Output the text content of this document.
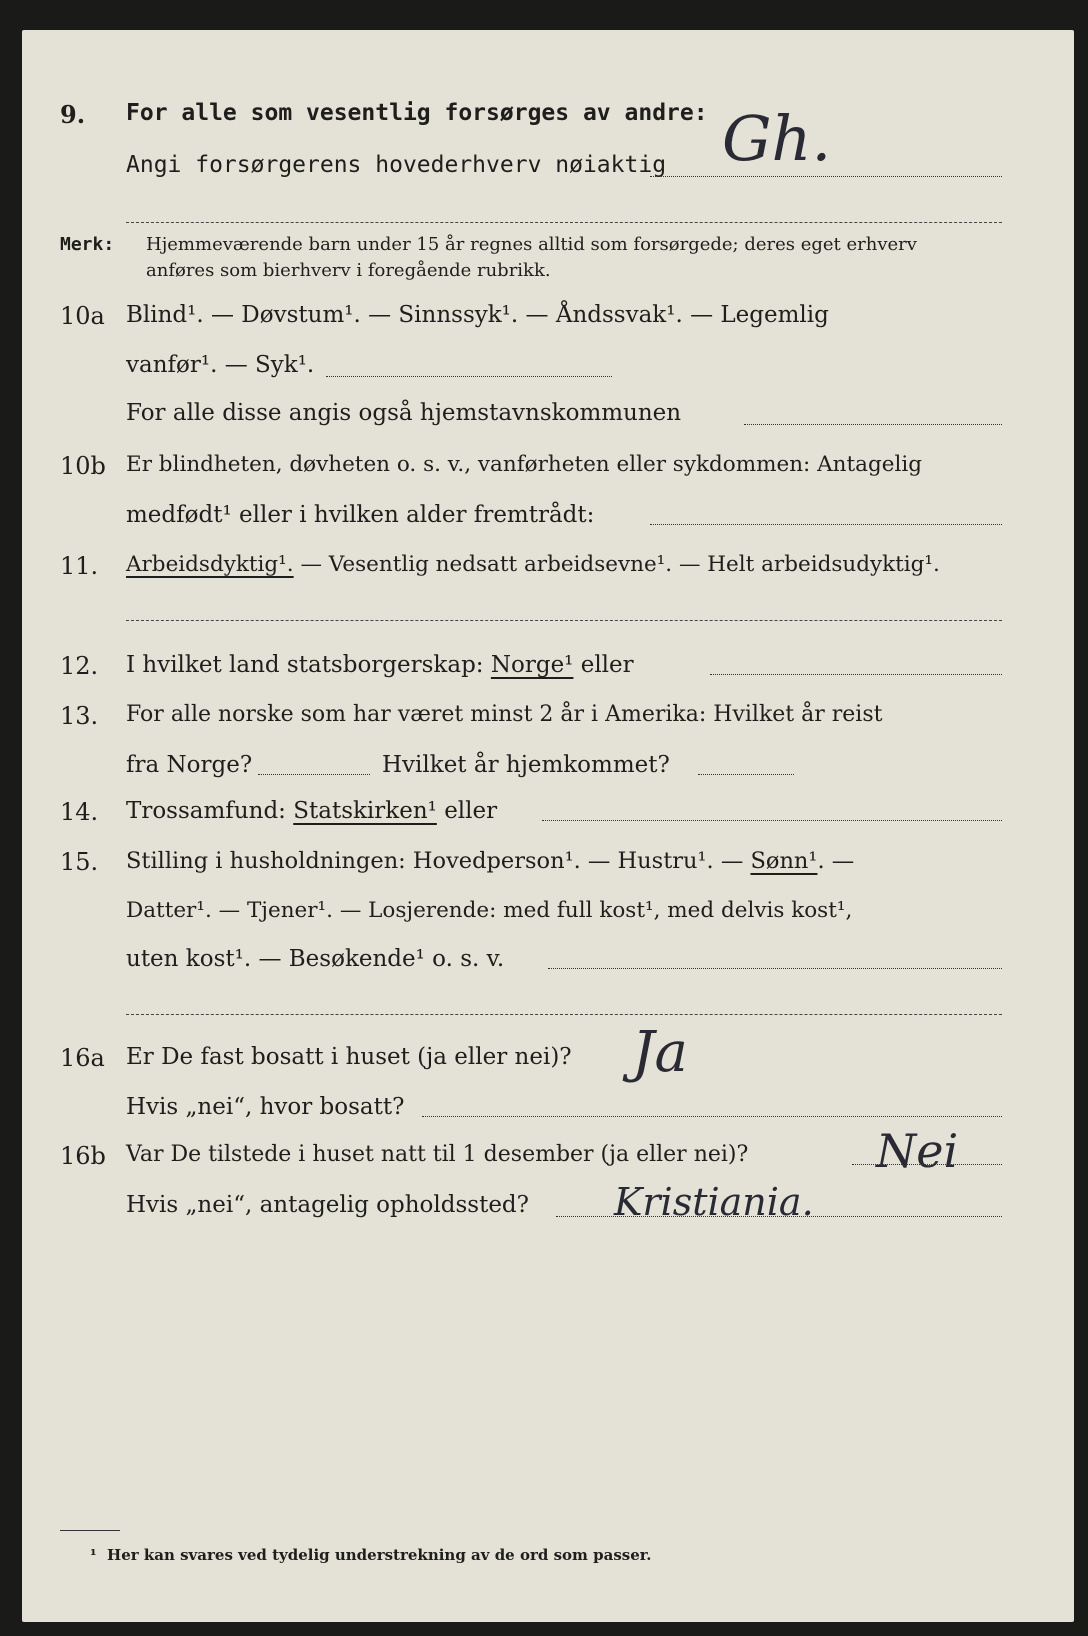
9. For alle som vesentlig forsørges av andre:
Angi forsørgerens hovederhverv nøiaktig Gh.
Merk: Hjemmeværende barn under 15 år regnes alltid som forsørgede; deres eget erhverv
anføres som bierhverv i foregående rubrikk.
10a Blind¹. — Døvstum¹. — Sinnssyk¹. — Åndssvak¹. — Legemlig
vanfør¹. — Syk¹.
For alle disse angis også hjemstavnskommunen
10b Er blindheten, døvheten o. s. v., vanførheten eller sykdommen: Antagelig
medfødt¹ eller i hvilken alder fremtrådt:
11. Arbeidsdyktig¹. — Vesentlig nedsatt arbeidsevne¹. — Helt arbeidsudyktig¹.
12. I hvilket land statsborgerskap: Norge¹ eller
13. For alle norske som har været minst 2 år i Amerika: Hvilket år reist
fra Norge?	Hvilket år hjemkommet?
14. Trossamfund: Statskirken¹ eller
15. Stilling i husholdningen: Hovedperson¹. — Hustru¹. — Sønn¹. —
Datter¹. — Tjener¹. — Losjerende: med full kost¹, med delvis kost¹,
uten kost¹. — Besøkende¹ o. s. v.
16a Er De fast bosatt i huset (ja eller nei)? Ja
Hvis „nei“, hvor bosatt?
16b Var De tilstede i huset natt til 1 desember (ja eller nei)?	Nei
Hvis „nei“, antagelig opholdssted? Kristiania.
¹ Her kan svares ved tydelig understrekning av de ord som passer.
